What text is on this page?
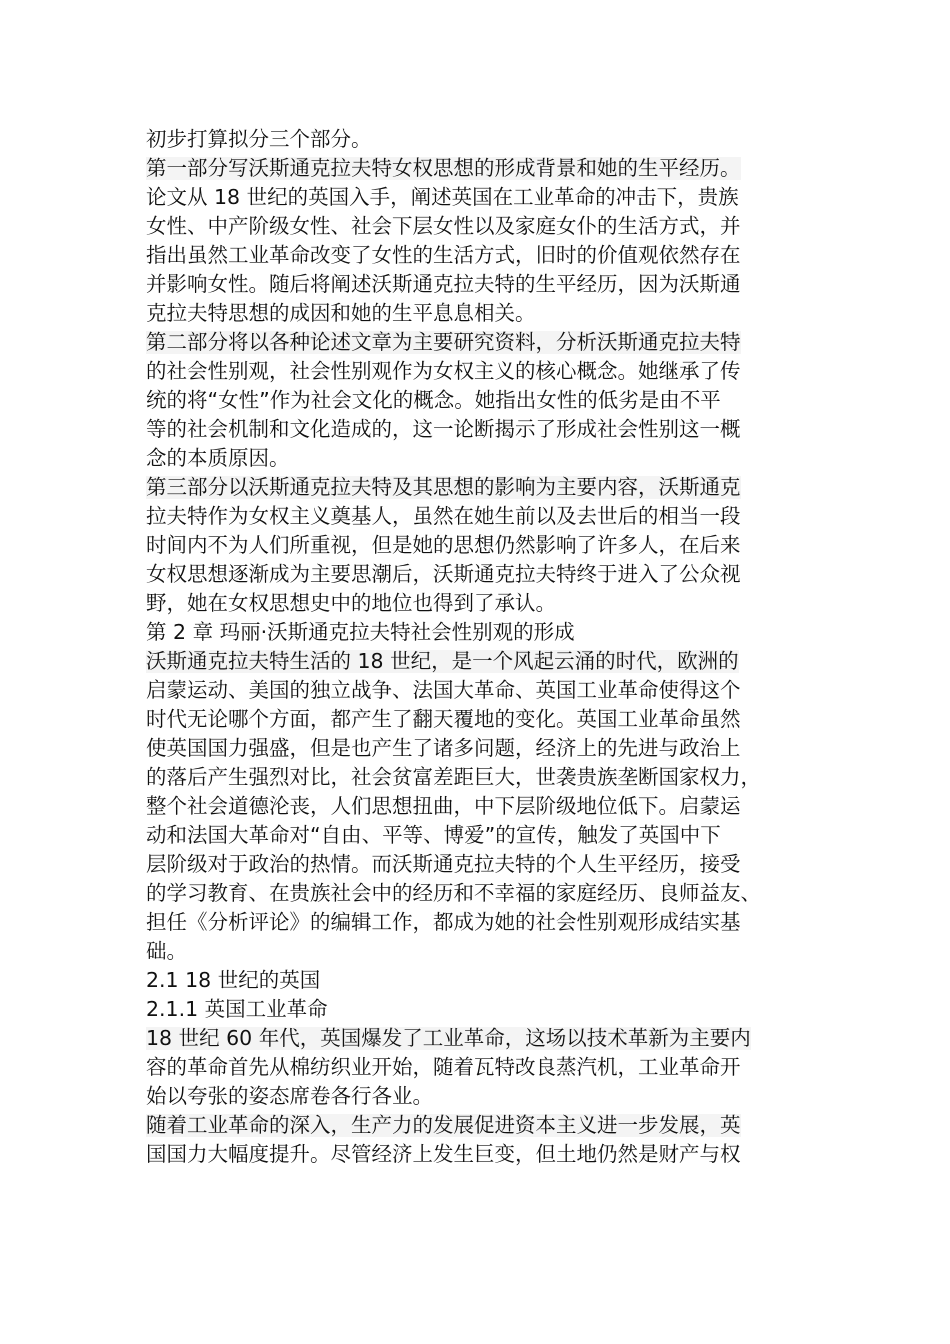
初步打算拟分三个部分。
第一部分写沃斯通克拉夫特女权思想的形成背景和她的生平经历。
论文从 18 世纪的英国入手，阐述英国在工业革命的冲击下，贵族
女性、中产阶级女性、社会下层女性以及家庭女仆的生活方式，并
指出虽然工业革命改变了女性的生活方式，旧时的价值观依然存在
并影响女性。随后将阐述沃斯通克拉夫特的生平经历，因为沃斯通
克拉夫特思想的成因和她的生平息息相关。
第二部分将以各种论述文章为主要研究资料，分析沃斯通克拉夫特
的社会性别观，社会性别观作为女权主义的核心概念。她继承了传
统的将“女性”作为社会文化的概念。她指出女性的低劣是由不平
等的社会机制和文化造成的，这一论断揭示了形成社会性别这一概
念的本质原因。
第三部分以沃斯通克拉夫特及其思想的影响为主要内容，沃斯通克
拉夫特作为女权主义奠基人，虽然在她生前以及去世后的相当一段
时间内不为人们所重视，但是她的思想仍然影响了许多人，在后来
女权思想逐渐成为主要思潮后，沃斯通克拉夫特终于进入了公众视
野，她在女权思想史中的地位也得到了承认。
第 2 章 玛丽·沃斯通克拉夫特社会性别观的形成
沃斯通克拉夫特生活的 18 世纪，是一个风起云涌的时代，欧洲的
启蒙运动、美国的独立战争、法国大革命、英国工业革命使得这个
时代无论哪个方面，都产生了翻天覆地的变化。英国工业革命虽然
使英国国力强盛，但是也产生了诸多问题，经济上的先进与政治上
的落后产生强烈对比，社会贫富差距巨大，世袭贵族垄断国家权力，
整个社会道德沦丧，人们思想扭曲，中下层阶级地位低下。启蒙运
动和法国大革命对“自由、平等、博爱”的宣传，触发了英国中下
层阶级对于政治的热情。而沃斯通克拉夫特的个人生平经历，接受
的学习教育、在贵族社会中的经历和不幸福的家庭经历、良师益友、
担任《分析评论》的编辑工作，都成为她的社会性别观形成结实基
础。
2.1 18 世纪的英国
2.1.1 英国工业革命
18 世纪 60 年代，英国爆发了工业革命，这场以技术革新为主要内
容的革命首先从棉纺织业开始，随着瓦特改良蒸汽机，工业革命开
始以夸张的姿态席卷各行各业。
随着工业革命的深入，生产力的发展促进资本主义进一步发展，英
国国力大幅度提升。尽管经济上发生巨变，但土地仍然是财产与权
